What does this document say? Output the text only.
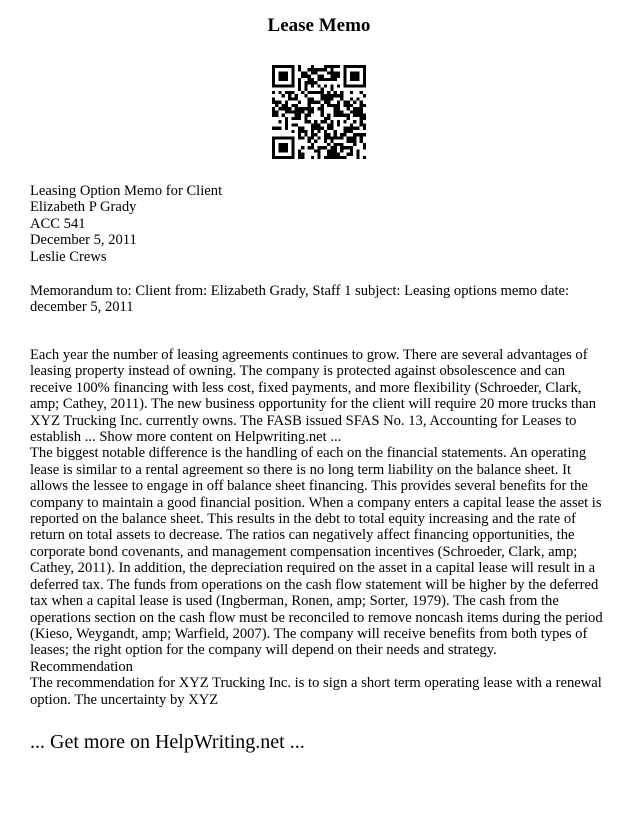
Lease Memo

Leasing Option Memo for Client

Elizabeth P Grady

ACC 541

December 5, 2011

Leslie Crews

Memorandum to: Client from: Elizabeth Grady, Staff 1 subject: Leasing options memo date: december 5, 2011

Each year the number of leasing agreements continues to grow. There are several advantages of leasing property instead of owning. The company is protected against obsolescence and can receive 100% financing with less cost, fixed payments, and more flexibility (Schroeder, Clark, amp; Cathey, 2011). The new business opportunity for the client will require 20 more trucks than XYZ Trucking Inc. currently owns. The FASB issued SFAS No. 13, Accounting for Leases to establish ... Show more content on Helpwriting.net ...

The biggest notable difference is the handling of each on the financial statements. An operating lease is similar to a rental agreement so there is no long term liability on the balance sheet. It allows the lessee to engage in off balance sheet financing. This provides several benefits for the company to maintain a good financial position. When a company enters a capital lease the asset is reported on the balance sheet. This results in the debt to total equity increasing and the rate of return on total assets to decrease. The ratios can negatively affect financing opportunities, the corporate bond covenants, and management compensation incentives (Schroeder, Clark, amp; Cathey, 2011). In addition, the depreciation required on the asset in a capital lease will result in a deferred tax. The funds from operations on the cash flow statement will be higher by the deferred tax when a capital lease is used (Ingberman, Ronen, amp; Sorter, 1979). The cash from the operations section on the cash flow must be reconciled to remove noncash items during the period (Kieso, Weygandt, amp; Warfield, 2007). The company will receive benefits from both types of leases; the right option for the company will depend on their needs and strategy.

Recommendation

The recommendation for XYZ Trucking Inc. is to sign a short term operating lease with a renewal option. The uncertainty by XYZ

... Get more on HelpWriting.net ...
